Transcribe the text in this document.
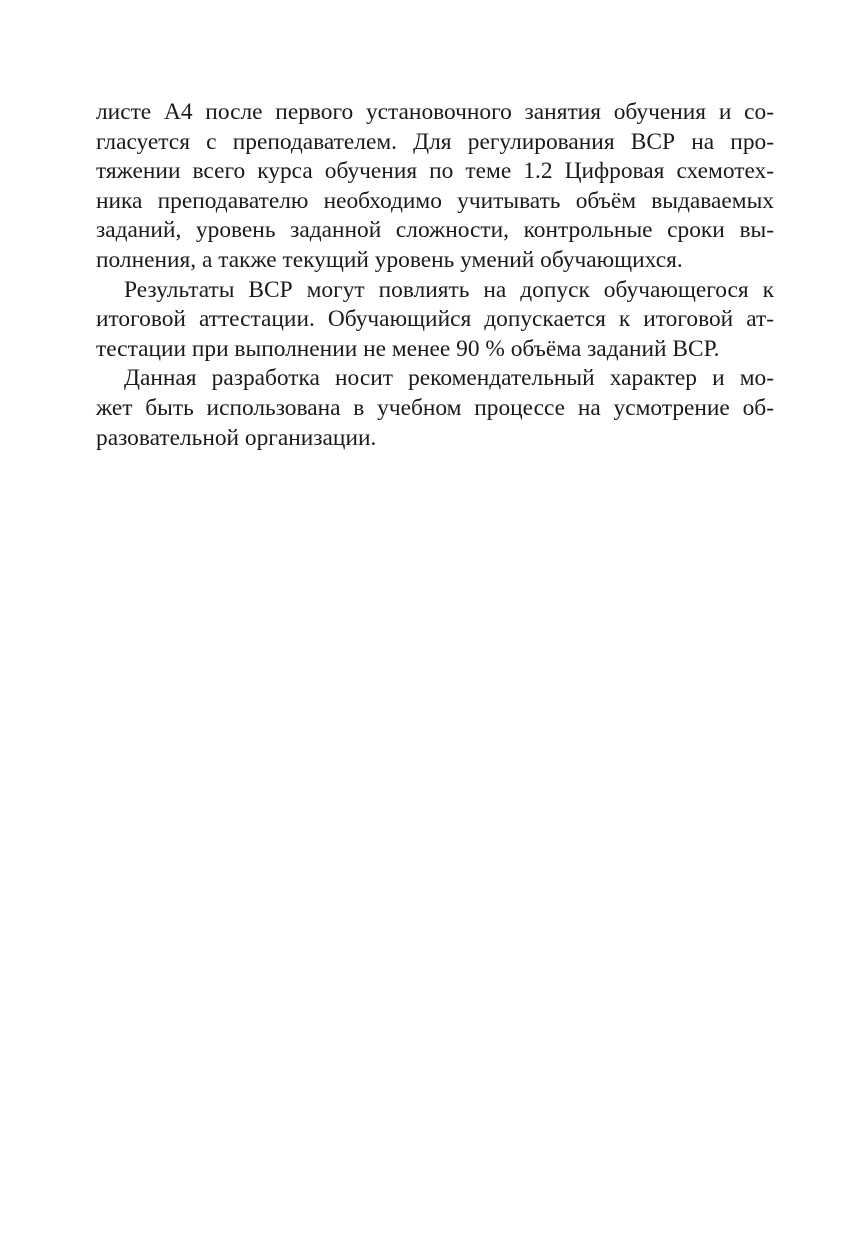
листе А4 после первого установочного занятия обучения и со-
гласуется с преподавателем. Для регулирования ВСР на про-
тяжении всего курса обучения по теме 1.2 Цифровая схемотех-
ника преподавателю необходимо учитывать объём выдаваемых
заданий, уровень заданной сложности, контрольные сроки вы-
полнения, а также текущий уровень умений обучающихся.
Результаты ВСР могут повлиять на допуск обучающегося к
итоговой аттестации. Обучающийся допускается к итоговой ат-
тестации при выполнении не менее 90 % объёма заданий ВСР.
Данная разработка носит рекомендательный характер и мо-
жет быть использована в учебном процессе на усмотрение об-
разовательной организации.
